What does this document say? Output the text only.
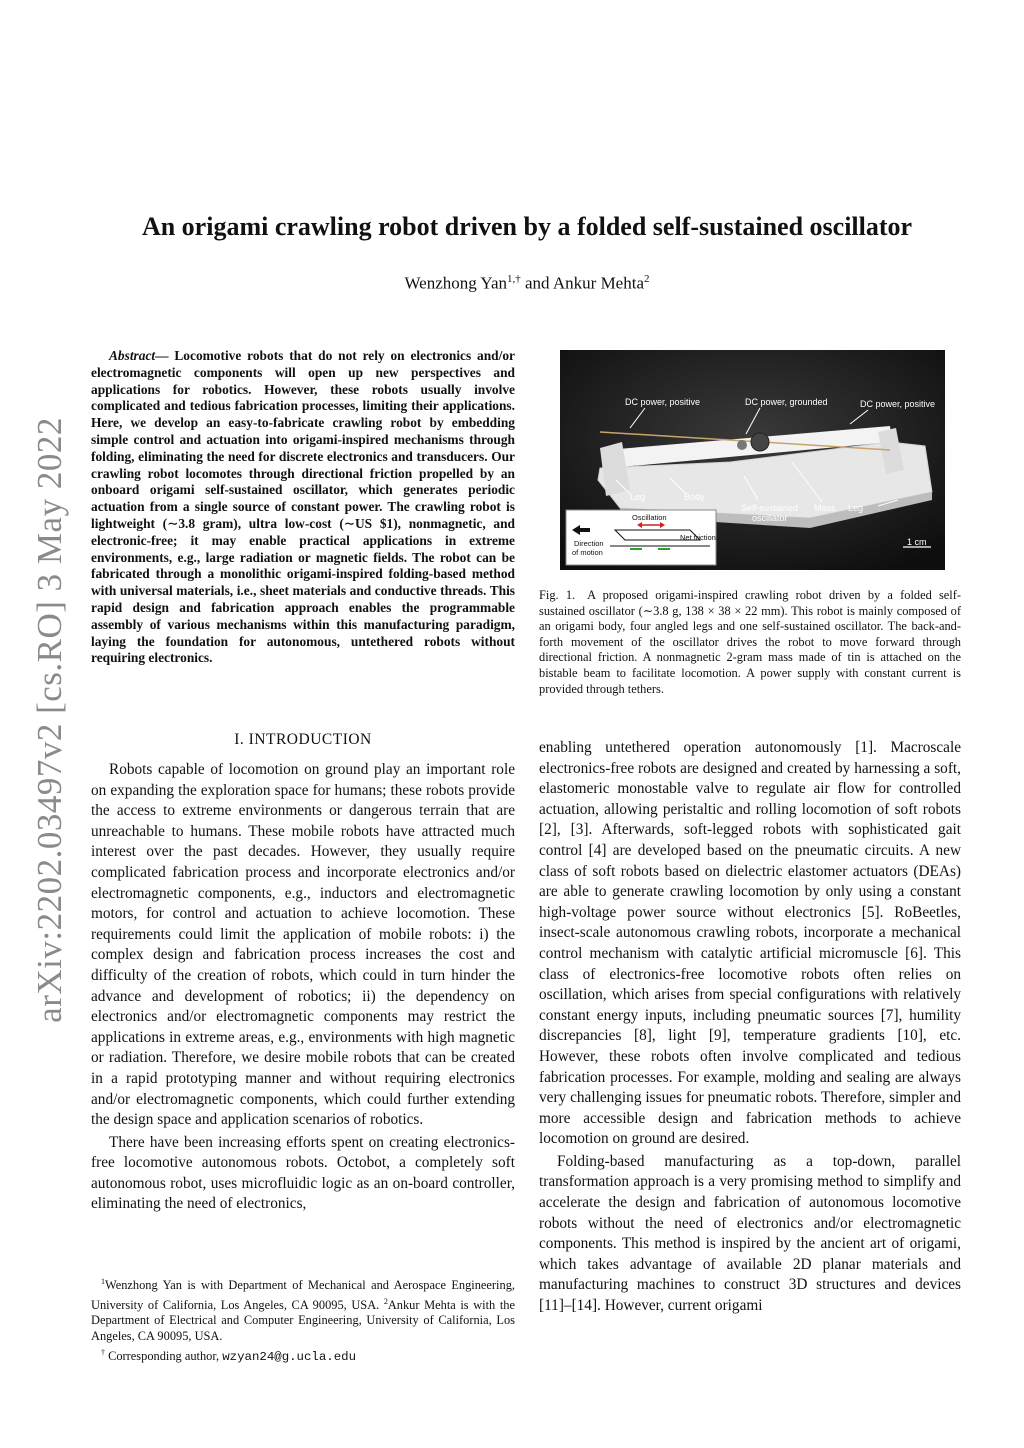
arXiv:2202.03497v2 [cs.RO] 3 May 2022
An origami crawling robot driven by a folded self-sustained oscillator
Wenzhong Yan$^{1,\dagger}$ and Ankur Mehta$^2$
Abstract— Locomotive robots that do not rely on electronics and/or electromagnetic components will open up new perspectives and applications for robotics. However, these robots usually involve complicated and tedious fabrication processes, limiting their applications. Here, we develop an easy-to-fabricate crawling robot by embedding simple control and actuation into origami-inspired mechanisms through folding, eliminating the need for discrete electronics and transducers. Our crawling robot locomotes through directional friction propelled by an onboard origami self-sustained oscillator, which generates periodic actuation from a single source of constant power. The crawling robot is lightweight (∼3.8 gram), ultra low-cost (∼US $1), nonmagnetic, and electronic-free; it may enable practical applications in extreme environments, e.g., large radiation or magnetic fields. The robot can be fabricated through a monolithic origami-inspired folding-based method with universal materials, i.e., sheet materials and conductive threads. This rapid design and fabrication approach enables the programmable assembly of various mechanisms within this manufacturing paradigm, laying the foundation for autonomous, untethered robots without requiring electronics.
I. INTRODUCTION

Robots capable of locomotion on ground play an important role on expanding the exploration space for humans; these robots provide the access to extreme environments or dangerous terrain that are unreachable to humans. These mobile robots have attracted much interest over the past decades. However, they usually require complicated fabrication process and incorporate electronics and/or electromagnetic components, e.g., inductors and electromagnetic motors, for control and actuation to achieve locomotion. These requirements could limit the application of mobile robots: i) the complex design and fabrication process increases the cost and difficulty of the creation of robots, which could in turn hinder the advance and development of robotics; ii) the dependency on electronics and/or electromagnetic components may restrict the applications in extreme areas, e.g., environments with high magnetic or radiation. Therefore, we desire mobile robots that can be created in a rapid prototyping manner and without requiring electronics and/or electromagnetic components, which could further extending the design space and application scenarios of robotics.

There have been increasing efforts spent on creating electronics-free locomotive autonomous robots. Octobot, a completely soft autonomous robot, uses microfluidic logic as an on-board controller, eliminating the need of electronics,

$^1$Wenzhong Yan is with Department of Mechanical and Aerospace Engineering, University of California, Los Angeles, CA 90095, USA. $^2$Ankur Mehta is with the Department of Electrical and Computer Engineering, University of California, Los Angeles, CA 90095, USA.

† Corresponding author, wzyan24@g.ucla.edu

DC power, positive	DC power, grounded	DC power, positive
Leg	Body
Self-sustained
oscillator
Mass Leg
1 cm
Oscillation
Net friction
Direction
of motion
Fig. 1. A proposed origami-inspired crawling robot driven by a folded self-sustained oscillator (∼3.8 g, 138 × 38 × 22 mm). This robot is mainly composed of an origami body, four angled legs and one self-sustained oscillator. The back-and-forth movement of the oscillator drives the robot to move forward through directional friction. A nonmagnetic 2-gram mass made of tin is attached on the bistable beam to facilitate locomotion. A power supply with constant current is provided through tethers.

enabling untethered operation autonomously [1]. Macroscale electronics-free robots are designed and created by harnessing a soft, elastomeric monostable valve to regulate air flow for controlled actuation, allowing peristaltic and rolling locomotion of soft robots [2], [3]. Afterwards, soft-legged robots with sophisticated gait control [4] are developed based on the pneumatic circuits. A new class of soft robots based on dielectric elastomer actuators (DEAs) are able to generate crawling locomotion by only using a constant high-voltage power source without electronics [5]. RoBeetles, insect-scale autonomous crawling robots, incorporate a mechanical control mechanism with catalytic artificial micromuscle [6]. This class of electronics-free locomotive robots often relies on oscillation, which arises from special configurations with relatively constant energy inputs, including pneumatic sources [7], humility discrepancies [8], light [9], temperature gradients [10], etc. However, these robots often involve complicated and tedious fabrication processes. For example, molding and sealing are always very challenging issues for pneumatic robots. Therefore, simpler and more accessible design and fabrication methods to achieve locomotion on ground are desired.

Folding-based manufacturing as a top-down, parallel transformation approach is a very promising method to simplify and accelerate the design and fabrication of autonomous locomotive robots without the need of electronics and/or electromagnetic components. This method is inspired by the ancient art of origami, which takes advantage of available 2D planar materials and manufacturing machines to construct 3D structures and devices [11]–[14]. However, current origami
